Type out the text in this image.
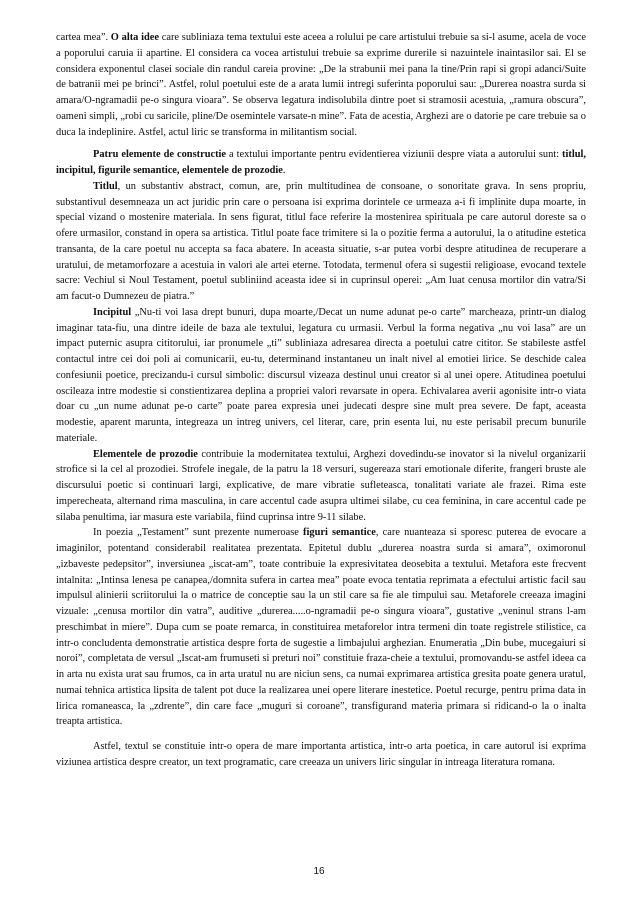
cartea mea”. O alta idee care subliniaza tema textului este aceea a rolului pe care artistului trebuie sa si-l asume, acela de voce a poporului caruia ii apartine. El considera ca vocea artistului trebuie sa exprime durerile si nazuintele inaintasilor sai. El se considera exponentul clasei sociale din randul careia provine: „De la strabunii mei pana la tine/Prin rapi si gropi adanci/Suite de batranii mei pe brinci”. Astfel, rolul poetului este de a arata lumii intregi suferinta poporului sau: „Durerea noastra surda si amara/O-ngramadii pe-o singura vioara”. Se observa legatura indisolubila dintre poet si stramosii acestuia, „ramura obscura”, oameni simpli, „robi cu saricile, pline/De osemintele varsate-n mine”. Fata de acestia, Arghezi are o datorie pe care trebuie sa o duca la indeplinire. Astfel, actul liric se transforma in militantism social.

Patru elemente de constructie a textului importante pentru evidentierea viziunii despre viata a autorului sunt: titlul, incipitul, figurile semantice, elementele de prozodie.

Titlul, un substantiv abstract, comun, are, prin multitudinea de consoane, o sonoritate grava. In sens propriu, substantivul desemneaza un act juridic prin care o persoana isi exprima dorintele ce urmeaza a-i fi implinite dupa moarte, in special vizand o mostenire materiala. In sens figurat, titlul face referire la mostenirea spirituala pe care autorul doreste sa o ofere urmasilor, constand in opera sa artistica. Titlul poate face trimitere si la o pozitie ferma a autorului, la o atitudine estetica transanta, de la care poetul nu accepta sa faca abatere. In aceasta situatie, s-ar putea vorbi despre atitudinea de recuperare a uratului, de metamorfozare a acestuia in valori ale artei eterne. Totodata, termenul ofera si sugestii religioase, evocand textele sacre: Vechiul si Noul Testament, poetul subliniind aceasta idee si in cuprinsul operei: „Am luat cenusa mortilor din vatra/Si am facut-o Dumnezeu de piatra.”

Incipitul „Nu-ti voi lasa drept bunuri, dupa moarte,/Decat un nume adunat pe-o carte” marcheaza, printr-un dialog imaginar tata-fiu, una dintre ideile de baza ale textului, legatura cu urmasii. Verbul la forma negativa „nu voi lasa” are un impact puternic asupra cititorului, iar pronumele „ti” subliniaza adresarea directa a poetului catre cititor. Se stabileste astfel contactul intre cei doi poli ai comunicarii, eu-tu, determinand instantaneu un inalt nivel al emotiei lirice. Se deschide calea confesiunii poetice, precizandu-i cursul simbolic: discursul vizeaza destinul unui creator si al unei opere. Atitudinea poetului oscileaza intre modestie si constientizarea deplina a propriei valori revarsate in opera. Echivalarea averii agonisite intr-o viata doar cu „un nume adunat pe-o carte” poate parea expresia unei judecati despre sine mult prea severe. De fapt, aceasta modestie, aparent marunta, integreaza un intreg univers, cel literar, care, prin esenta lui, nu este perisabil precum bunurile materiale.

Elementele de prozodie contribuie la modernitatea textului, Arghezi dovedindu-se inovator si la nivelul organizarii strofice si la cel al prozodiei. Strofele inegale, de la patru la 18 versuri, sugereaza stari emotionale diferite, frangeri bruste ale discursului poetic si continuari largi, explicative, de mare vibratie sufleteasca, tonalitati variate ale frazei. Rima este imperecheata, alternand rima masculina, in care accentul cade asupra ultimei silabe, cu cea feminina, in care accentul cade pe silaba penultima, iar masura este variabila, fiind cuprinsa intre 9-11 silabe.

In poezia „Testament” sunt prezente numeroase figuri semantice, care nuanteaza si sporesc puterea de evocare a imaginilor, potentand considerabil realitatea prezentata. Epitetul dublu „durerea noastra surda si amara”, oximoronul „izbaveste pedepsitor”, inversiunea „iscat-am”, toate contribuie la expresivitatea deosebita a textului. Metafora este frecvent intalnita: „Intinsa lenesa pe canapea,/domnita sufera in cartea mea” poate evoca tentatia reprimata a efectului artistic facil sau impulsul alinierii scriitorului la o matrice de conceptie sau la un stil care sa fie ale timpului sau. Metaforele creeaza imagini vizuale: „cenusa mortilor din vatra”, auditive „durerea.....o-ngramadii pe-o singura vioara”, gustative „veninul strans l-am preschimbat in miere”. Dupa cum se poate remarca, in constituirea metaforelor intra termeni din toate registrele stilistice, ca intr-o concludenta demonstratie artistica despre forta de sugestie a limbajului arghezian. Enumeratia „Din bube, mucegaiuri si noroi”, completata de versul „Iscat-am frumuseti si preturi noi” constituie fraza-cheie a textului, promovandu-se astfel ideea ca in arta nu exista urat sau frumos, ca in arta uratul nu are niciun sens, ca numai exprimarea artistica gresita poate genera uratul, numai tehnica artistica lipsita de talent pot duce la realizarea unei opere literare inestetice. Poetul recurge, pentru prima data in lirica romaneasca, la „zdrente”, din care face „muguri si coroane”, transfigurand materia primara si ridicand-o la o inalta treapta artistica.

Astfel, textul se constituie intr-o opera de mare importanta artistica, intr-o arta poetica, in care autorul isi exprima viziunea artistica despre creator, un text programatic, care creeaza un univers liric singular in intreaga literatura romana.

16
